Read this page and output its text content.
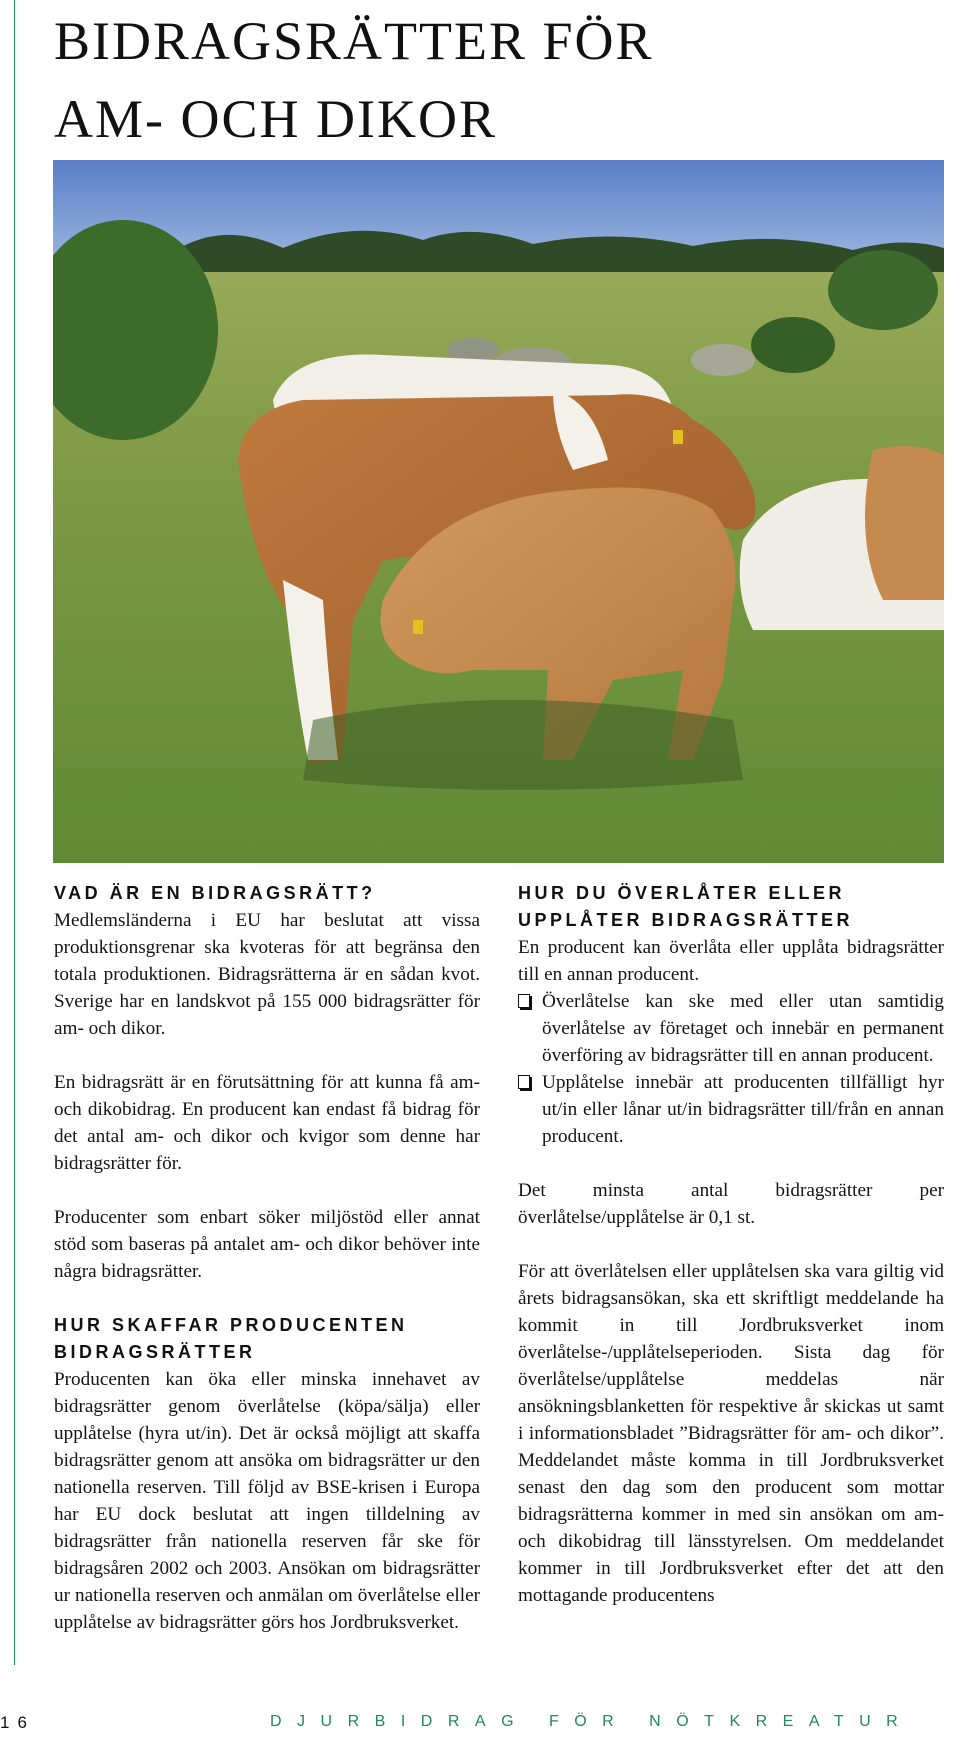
BIDRAGSRÄTTER FÖR
AM- OCH DIKOR
VAD ÄR EN BIDRAGSRÄTT?

Medlemsländerna i EU har beslutat att vissa produktionsgrenar ska kvoteras för att begränsa den totala produktionen. Bidragsrätterna är en sådan kvot. Sverige har en landskvot på 155 000 bidragsrätter för am- och dikor.

En bidragsrätt är en förutsättning för att kunna få am- och dikobidrag. En producent kan endast få bidrag för det antal am- och dikor och kvigor som denne har bidragsrätter för.

Producenter som enbart söker miljöstöd eller annat stöd som baseras på antalet am- och dikor behöver inte några bidragsrätter.

HUR SKAFFAR PRODUCENTEN
BIDRAGSRÄTTER

Producenten kan öka eller minska innehavet av bidragsrätter genom överlåtelse (köpa/sälja) eller upplåtelse (hyra ut/in). Det är också möjligt att skaffa bidragsrätter genom att ansöka om bidragsrätter ur den nationella reserven. Till följd av BSE-krisen i Europa har EU dock beslutat att ingen tilldelning av bidragsrätter från nationella reserven får ske för bidragsåren 2002 och 2003. Ansökan om bidragsrätter ur nationella reserven och anmälan om överlåtelse eller upplåtelse av bidragsrätter görs hos Jordbruksverket.

HUR DU ÖVERLÅTER ELLER
UPPLÅTER BIDRAGSRÄTTER

En producent kan överlåta eller upplåta bidragsrätter till en annan producent.

Överlåtelse kan ske med eller utan samtidig överlåtelse av företaget och innebär en permanent överföring av bidragsrätter till en annan producent.
Upplåtelse innebär att producenten tillfälligt hyr ut/in eller lånar ut/in bidragsrätter till/från en annan producent.

Det minsta antal bidragsrätter per överlåtelse/upplåtelse är 0,1 st.

För att överlåtelsen eller upplåtelsen ska vara giltig vid årets bidragsansökan, ska ett skriftligt meddelande ha kommit in till Jordbruksverket inom överlåtelse-/upplåtelseperioden. Sista dag för överlåtelse/upplåtelse meddelas när ansökningsblanketten för respektive år skickas ut samt i informationsbladet ”Bidragsrätter för am- och dikor”. Meddelandet måste komma in till Jordbruksverket senast den dag som den producent som mottar bidragsrätterna kommer in med sin ansökan om am- och dikobidrag till länsstyrelsen. Om meddelandet kommer in till Jordbruksverket efter det att den mottagande producentens

16	DJURBIDRAG FÖR NÖTKREATUR
